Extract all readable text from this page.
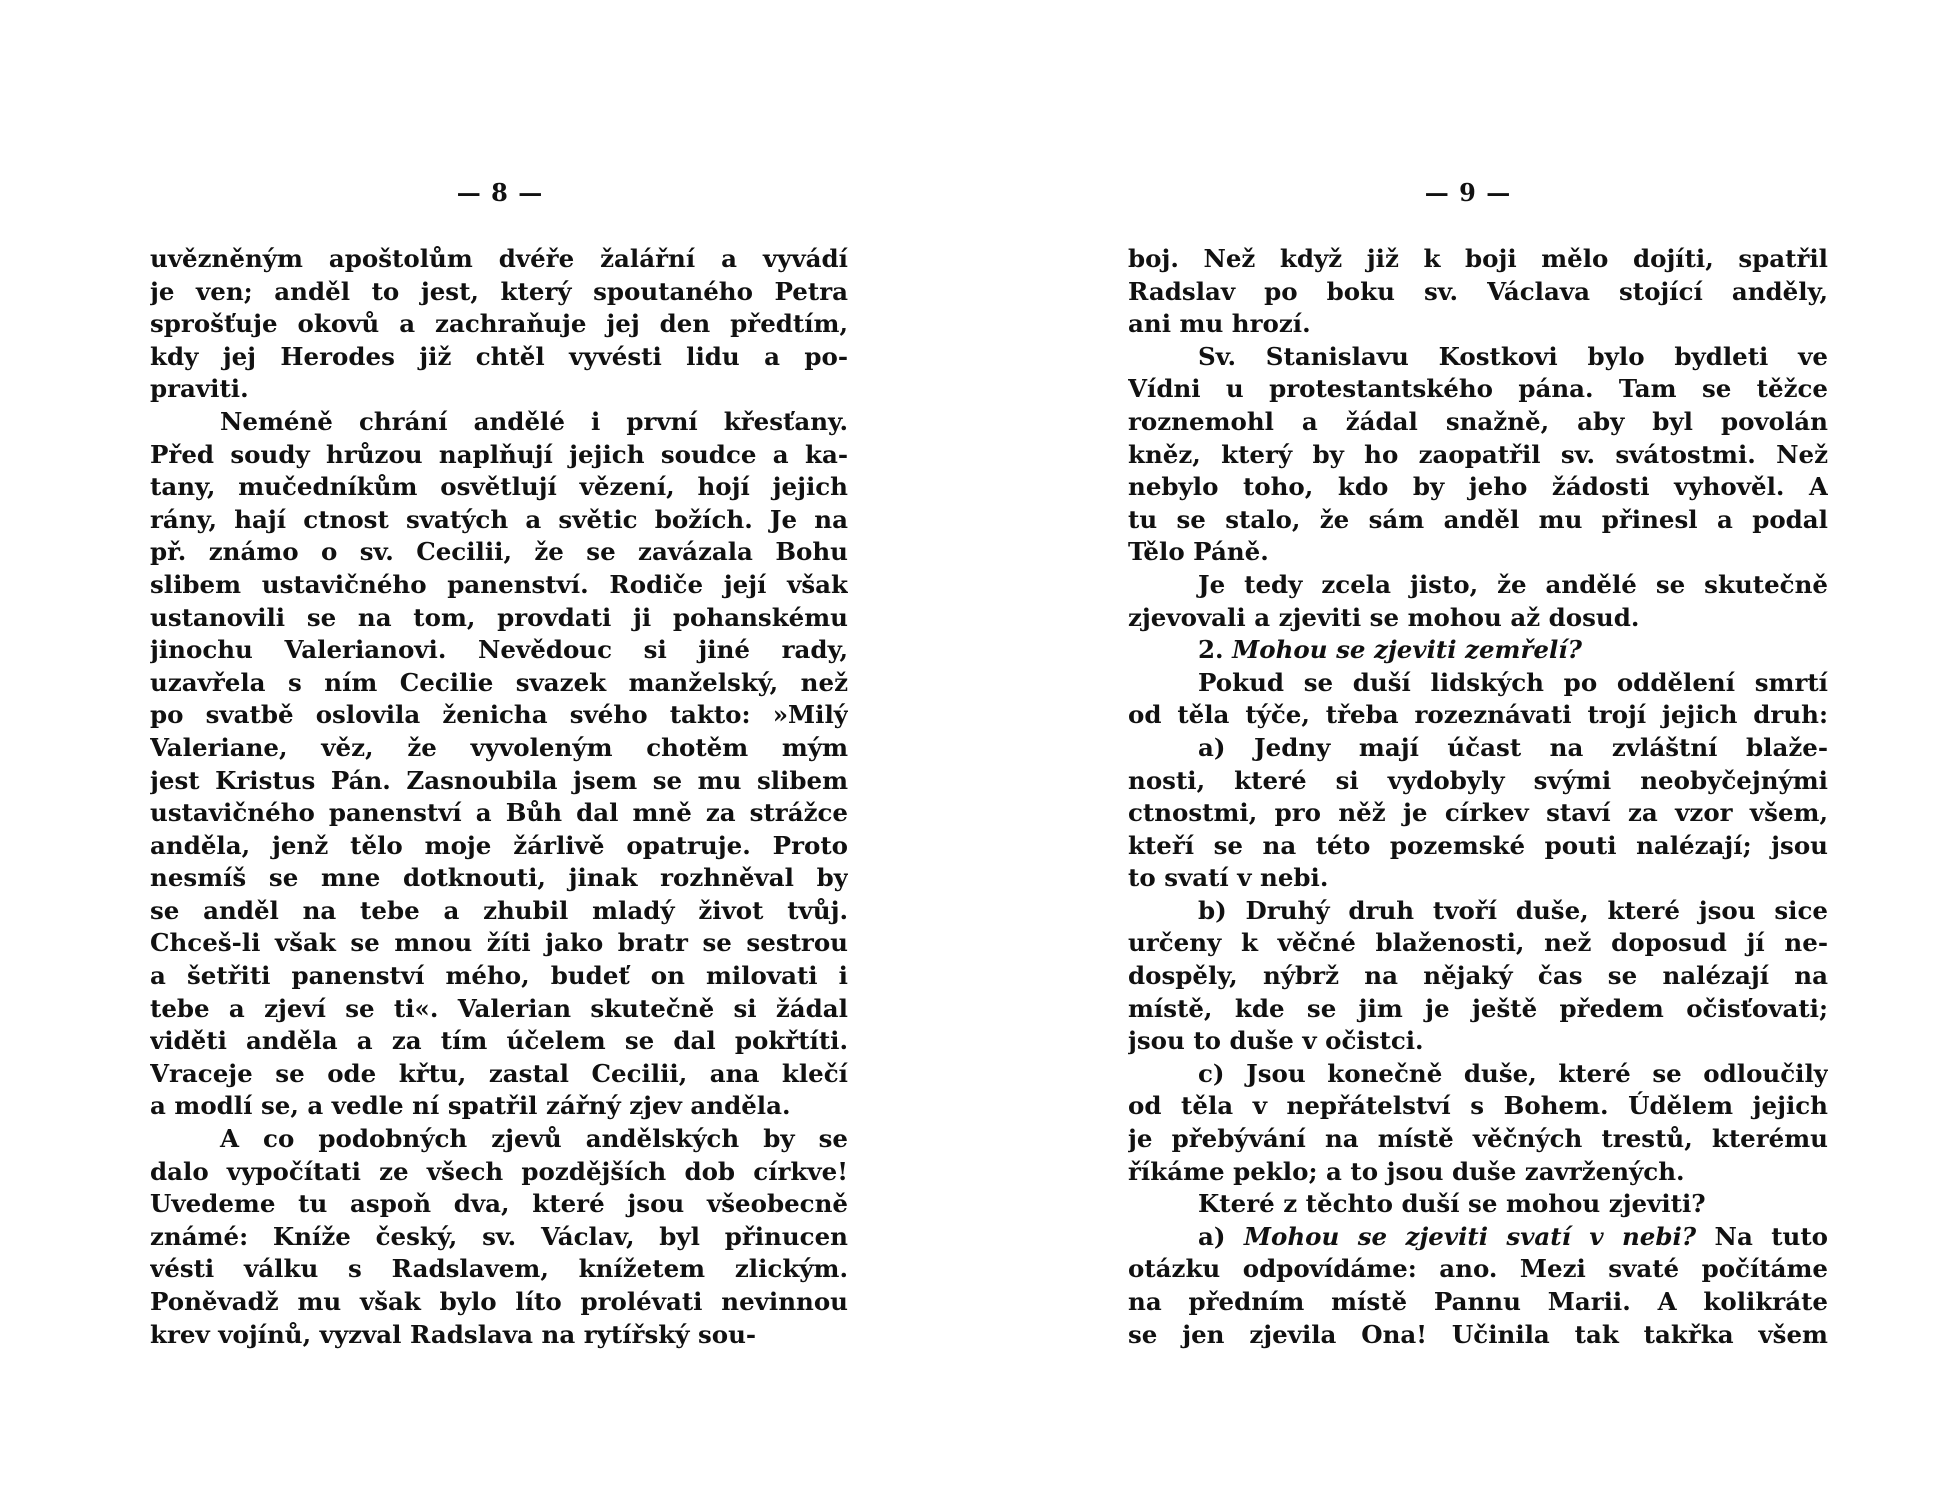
— 8 —
uvězněným apoštolům dvéře žalářní a vyvádí
je ven; anděl to jest, který spoutaného Petra
sprošťuje okovů a zachraňuje jej den předtím,
kdy jej Herodes již chtěl vyvésti lidu a po-
praviti.
Neméně chrání andělé i první křesťany.
Před soudy hrůzou naplňují jejich soudce a ka-
tany, mučedníkům osvětlují vězení, hojí jejich
rány, hají ctnost svatých a světic božích. Je na
př. známo o sv. Cecilii, že se zavázala Bohu
slibem ustavičného panenství. Rodiče její však
ustanovili se na tom, provdati ji pohanskému
jinochu Valerianovi. Nevědouc si jiné rady,
uzavřela s ním Cecilie svazek manželský, než
po svatbě oslovila ženicha svého takto: »Milý
Valeriane, věz, že vyvoleným chotěm mým
jest Kristus Pán. Zasnoubila jsem se mu slibem
ustavičného panenství a Bůh dal mně za strážce
anděla, jenž tělo moje žárlivě opatruje. Proto
nesmíš se mne dotknouti, jinak rozhněval by
se anděl na tebe a zhubil mladý život tvůj.
Chceš-li však se mnou žíti jako bratr se sestrou
a šetřiti panenství mého, budeť on milovati i
tebe a zjeví se ti«. Valerian skutečně si žádal
viděti anděla a za tím účelem se dal pokřtíti.
Vraceje se ode křtu, zastal Cecilii, ana klečí
a modlí se, a vedle ní spatřil zářný zjev anděla.
A co podobných zjevů andělských by se
dalo vypočítati ze všech pozdějších dob církve!
Uvedeme tu aspoň dva, které jsou všeobecně
známé: Kníže český, sv. Václav, byl přinucen
vésti válku s Radslavem, knížetem zlickým.
Poněvadž mu však bylo líto prolévati nevinnou
krev vojínů, vyzval Radslava na rytířský sou-
— 9 —
boj. Než když již k boji mělo dojíti, spatřil
Radslav po boku sv. Václava stojící anděly,
ani mu hrozí.
Sv. Stanislavu Kostkovi bylo bydleti ve
Vídni u protestantského pána. Tam se těžce
roznemohl a žádal snažně, aby byl povolán
kněz, který by ho zaopatřil sv. svátostmi. Než
nebylo toho, kdo by jeho žádosti vyhověl. A
tu se stalo, že sám anděl mu přinesl a podal
Tělo Páně.
Je tedy zcela jisto, že andělé se skutečně
zjevovali a zjeviti se mohou až dosud.
2. Mohou se zjeviti zemřelí?
Pokud se duší lidských po oddělení smrtí
od těla týče, třeba rozeznávati trojí jejich druh:
a) Jedny mají účast na zvláštní blaže-
nosti, které si vydobyly svými neobyčejnými
ctnostmi, pro něž je církev staví za vzor všem,
kteří se na této pozemské pouti nalézají; jsou
to svatí v nebi.
b) Druhý druh tvoří duše, které jsou sice
určeny k věčné blaženosti, než doposud jí ne-
dospěly, nýbrž na nějaký čas se nalézají na
místě, kde se jim je ještě předem očisťovati;
jsou to duše v očistci.
c) Jsou konečně duše, které se odloučily
od těla v nepřátelství s Bohem. Údělem jejich
je přebývání na místě věčných trestů, kterému
říkáme peklo; a to jsou duše zavržených.
Které z těchto duší se mohou zjeviti?
a) Mohou se zjeviti svatí v nebi? Na tuto
otázku odpovídáme: ano. Mezi svaté počítáme
na předním místě Pannu Marii. A kolikráte
se jen zjevila Ona! Učinila tak takřka všem
